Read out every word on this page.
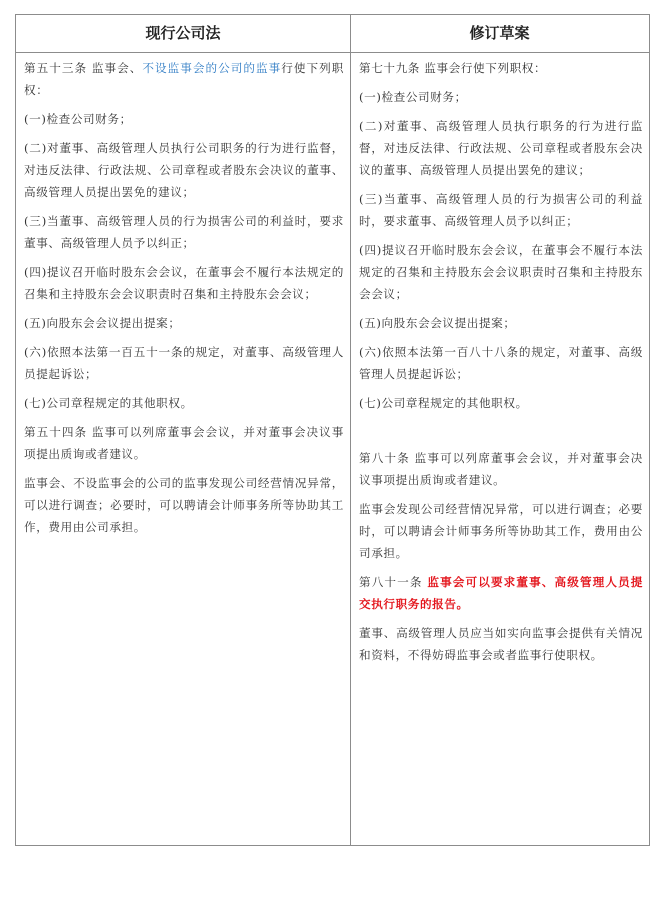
现行公司法	修订草案

第五十三条 监事会、不设监事会的公司的监事行使下列职权：

(一)检查公司财务；

(二)对董事、高级管理人员执行公司职务的行为进行监督，对违反法律、行政法规、公司章程或者股东会决议的董事、高级管理人员提出罢免的建议；

(三)当董事、高级管理人员的行为损害公司的利益时，要求董事、高级管理人员予以纠正；

(四)提议召开临时股东会会议，在董事会不履行本法规定的召集和主持股东会会议职责时召集和主持股东会会议；

(五)向股东会会议提出提案；

(六)依照本法第一百五十一条的规定，对董事、高级管理人员提起诉讼；

(七)公司章程规定的其他职权。

第五十四条 监事可以列席董事会会议，并对董事会决议事项提出质询或者建议。

监事会、不设监事会的公司的监事发现公司经营情况异常，可以进行调查；必要时，可以聘请会计师事务所等协助其工作，费用由公司承担。

第七十九条 监事会行使下列职权：

(一)检查公司财务；

(二)对董事、高级管理人员执行职务的行为进行监督，对违反法律、行政法规、公司章程或者股东会决议的董事、高级管理人员提出罢免的建议；

(三)当董事、高级管理人员的行为损害公司的利益时，要求董事、高级管理人员予以纠正；

(四)提议召开临时股东会会议，在董事会不履行本法规定的召集和主持股东会会议职责时召集和主持股东会会议；

(五)向股东会会议提出提案；

(六)依照本法第一百八十八条的规定，对董事、高级管理人员提起诉讼；

(七)公司章程规定的其他职权。

第八十条 监事可以列席董事会会议，并对董事会决议事项提出质询或者建议。

监事会发现公司经营情况异常，可以进行调查；必要时，可以聘请会计师事务所等协助其工作，费用由公司承担。

第八十一条 监事会可以要求董事、高级管理人员提交执行职务的报告。

董事、高级管理人员应当如实向监事会提供有关情况和资料，不得妨碍监事会或者监事行使职权。
